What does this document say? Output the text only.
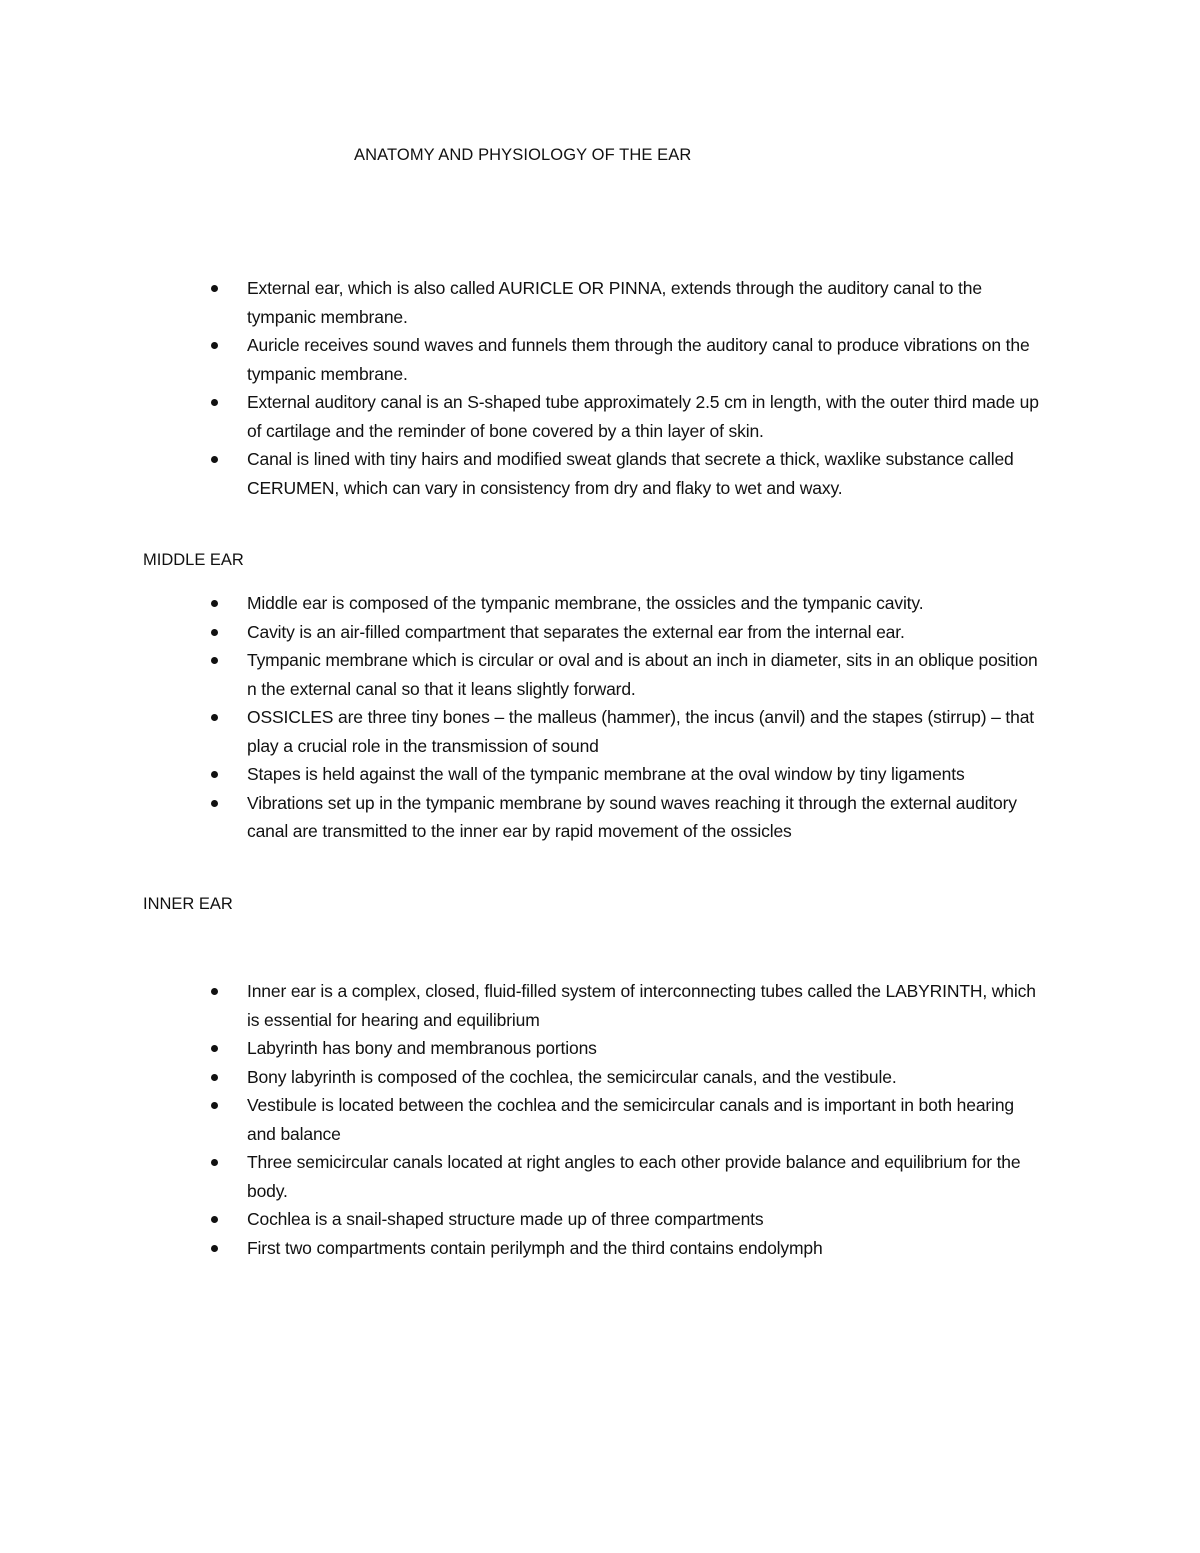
ANATOMY AND PHYSIOLOGY OF THE EAR
External ear, which is also called AURICLE OR PINNA, extends through the auditory canal to the tympanic membrane.
Auricle receives sound waves and funnels them through the auditory canal to produce vibrations on the tympanic membrane.
External auditory canal is an S-shaped tube approximately 2.5 cm in length, with the outer third made up of cartilage and the reminder of bone covered by a thin layer of skin.
Canal is lined with tiny hairs and modified sweat glands that secrete a thick, waxlike substance called CERUMEN, which can vary in consistency from dry and flaky to wet and waxy.
MIDDLE EAR
Middle ear is composed of the tympanic membrane, the ossicles and the tympanic cavity.
Cavity is an air-filled compartment that separates the external ear from the internal ear.
Tympanic membrane which is circular or oval and is about an inch in diameter, sits in an oblique position n the external canal so that it leans slightly forward.
OSSICLES are three tiny bones – the malleus (hammer), the incus (anvil) and the stapes (stirrup) – that play a crucial role in the transmission of sound
Stapes is held against the wall of the tympanic membrane at the oval window by tiny ligaments
Vibrations set up in the tympanic membrane by sound waves reaching it through the external auditory canal are transmitted to the inner ear by rapid movement of the ossicles
INNER EAR
Inner ear is a complex, closed, fluid-filled system of interconnecting tubes called the LABYRINTH, which is essential for hearing and equilibrium
Labyrinth has bony and membranous portions
Bony labyrinth is composed of the cochlea, the semicircular canals, and the vestibule.
Vestibule is located between the cochlea and the semicircular canals and is important in both hearing and balance
Three semicircular canals located at right angles to each other provide balance and equilibrium for the body.
Cochlea is a snail-shaped structure made up of three compartments
First two compartments contain perilymph and the third contains endolymph
